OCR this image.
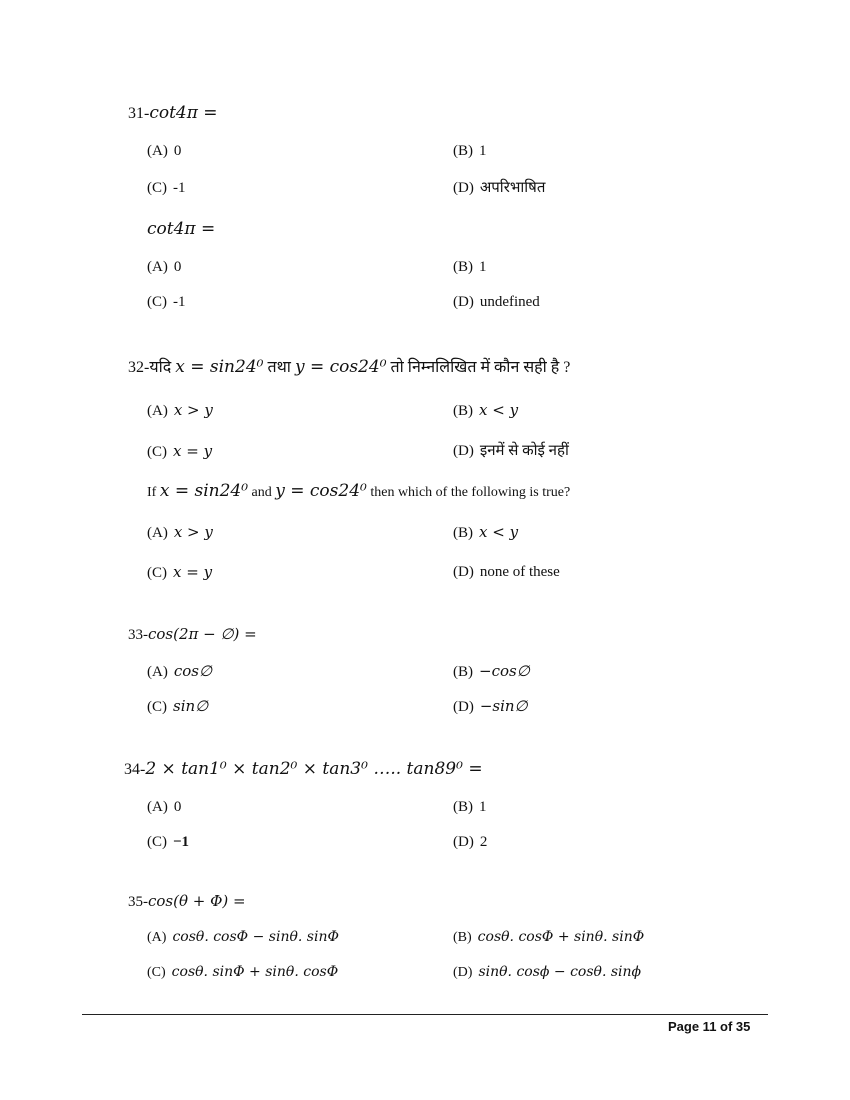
31-cot4π =
(A) 0	(B) 1
(C) -1	(D) अपरिभाषित
cot4π =
(A) 0	(B) 1
(C) -1	(D) undefined
32-यदि x = sin24⁰ तथा y = cos24⁰ तो निम्नलिखित में कौन सही है ?
(A) x > y	(B) x < y
(C) x = y	(D) इनमें से कोई नहीं
If x = sin24⁰ and y = cos24⁰ then which of the following is true?
(A) x > y	(B) x < y
(C) x = y	(D) none of these
33-cos(2π − ∅) =
(A) cos∅	(B) −cos∅
(C) sin∅	(D) −sin∅
34-2 × tan1⁰ × tan2⁰ × tan3⁰ ….. tan89⁰ =
(A) 0	(B) 1
(C) −1	(D) 2
35-cos(θ + Φ) =
(A) cosθ. cosΦ − sinθ. sinΦ	(B) cosθ. cosΦ + sinθ. sinΦ
(C) cosθ. sinΦ + sinθ. cosΦ	(D) sinθ. cosϕ − cosθ. sinϕ
Page 11 of 35
